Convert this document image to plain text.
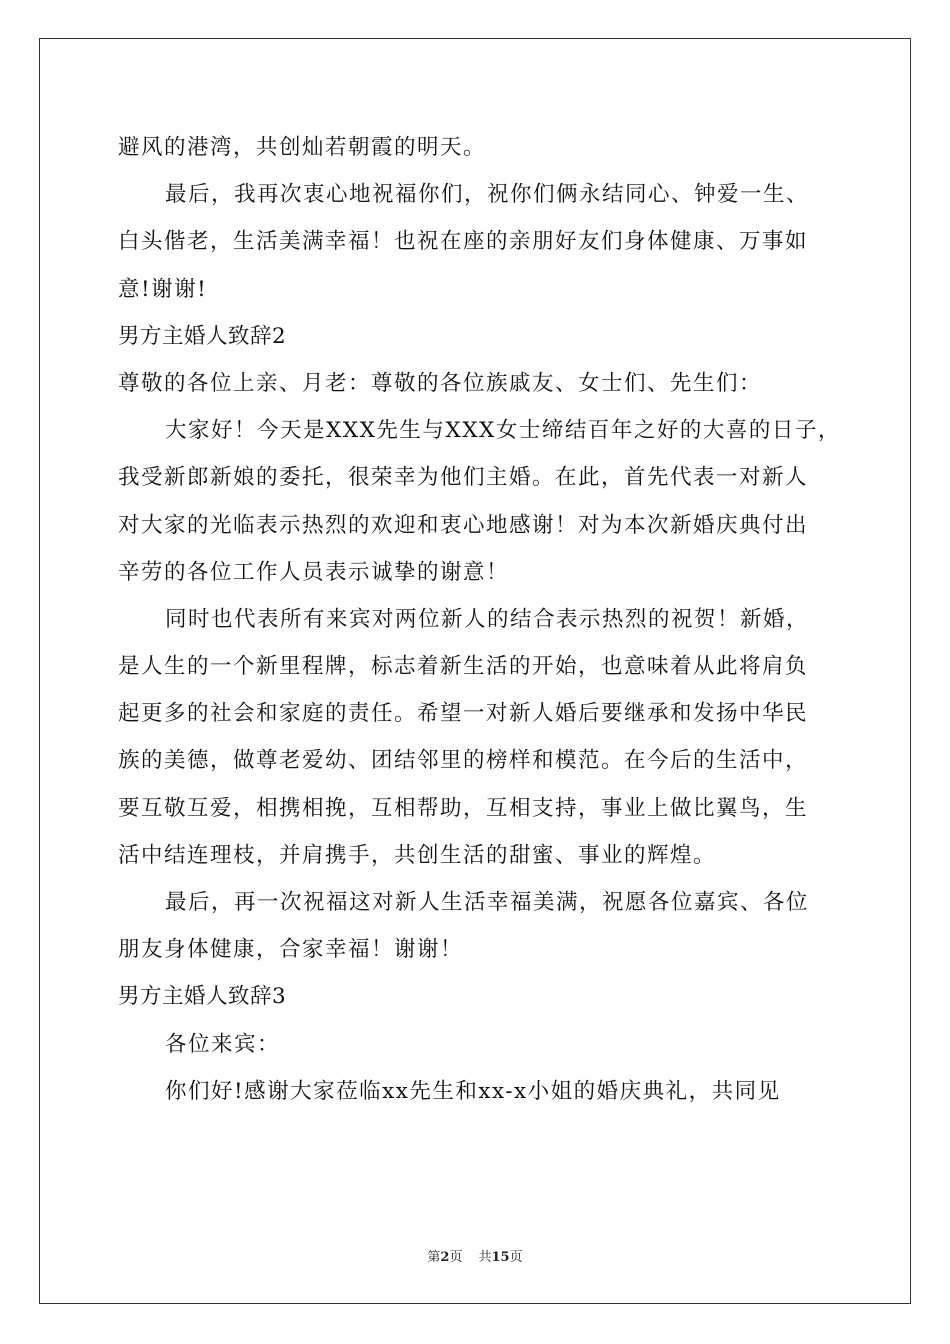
避风的港湾，共创灿若朝霞的明天。
最后，我再次衷心地祝福你们，祝你们俩永结同心、钟爱一生、
白头偕老，生活美满幸福！也祝在座的亲朋好友们身体健康、万事如
意!谢谢!
男方主婚人致辞2
尊敬的各位上亲、月老：尊敬的各位族戚友、女士们、先生们：
大家好！今天是XXX先生与XXX女士缔结百年之好的大喜的日子，
我受新郎新娘的委托，很荣幸为他们主婚。在此，首先代表一对新人
对大家的光临表示热烈的欢迎和衷心地感谢！对为本次新婚庆典付出
辛劳的各位工作人员表示诚挚的谢意！
同时也代表所有来宾对两位新人的结合表示热烈的祝贺！新婚，
是人生的一个新里程牌，标志着新生活的开始，也意味着从此将肩负
起更多的社会和家庭的责任。希望一对新人婚后要继承和发扬中华民
族的美德，做尊老爱幼、团结邻里的榜样和模范。在今后的生活中，
要互敬互爱，相携相挽，互相帮助，互相支持，事业上做比翼鸟，生
活中结连理枝，并肩携手，共创生活的甜蜜、事业的辉煌。
最后，再一次祝福这对新人生活幸福美满，祝愿各位嘉宾、各位
朋友身体健康，合家幸福！谢谢！
男方主婚人致辞3
各位来宾：
你们好!感谢大家莅临xx先生和xx-x小姐的婚庆典礼，共同见
第2页 共15页
